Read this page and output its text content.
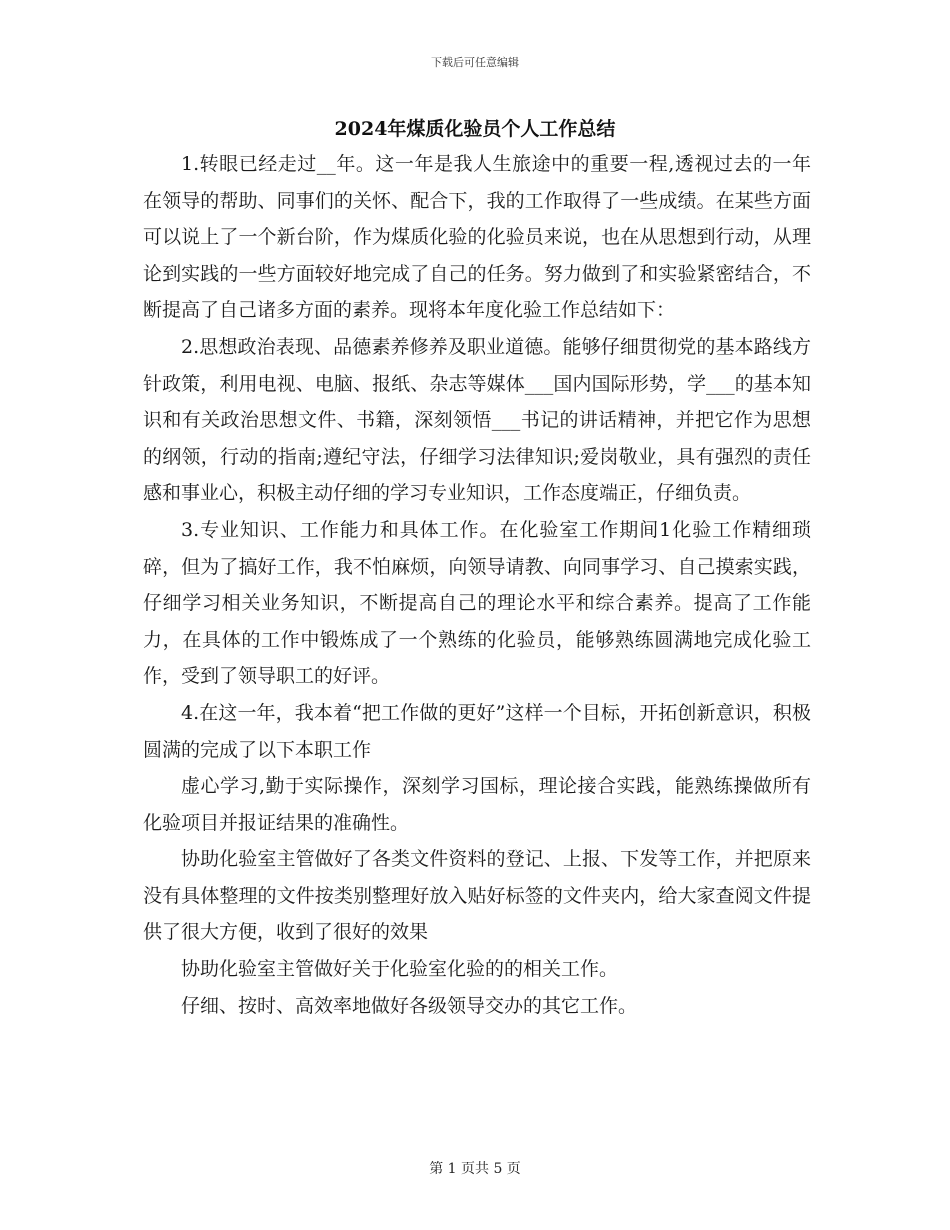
下载后可任意编辑
2024年煤质化验员个人工作总结

1.转眼已经走过__年。这一年是我人生旅途中的重要一程,透视过去的一年在领导的帮助、同事们的关怀、配合下，我的工作取得了一些成绩。在某些方面可以说上了一个新台阶，作为煤质化验的化验员来说，也在从思想到行动，从理论到实践的一些方面较好地完成了自己的任务。努力做到了和实验紧密结合，不断提高了自己诸多方面的素养。现将本年度化验工作总结如下：

2.思想政治表现、品德素养修养及职业道德。能够仔细贯彻党的基本路线方针政策，利用电视、电脑、报纸、杂志等媒体___国内国际形势，学___的基本知识和有关政治思想文件、书籍，深刻领悟___书记的讲话精神，并把它作为思想的纲领，行动的指南;遵纪守法，仔细学习法律知识;爱岗敬业，具有强烈的责任感和事业心，积极主动仔细的学习专业知识，工作态度端正，仔细负责。

3.专业知识、工作能力和具体工作。在化验室工作期间1化验工作精细琐碎，但为了搞好工作，我不怕麻烦，向领导请教、向同事学习、自己摸索实践，仔细学习相关业务知识，不断提高自己的理论水平和综合素养。提高了工作能力，在具体的工作中锻炼成了一个熟练的化验员，能够熟练圆满地完成化验工作，受到了领导职工的好评。

4.在这一年，我本着“把工作做的更好”这样一个目标，开拓创新意识，积极圆满的完成了以下本职工作

虚心学习,勤于实际操作，深刻学习国标，理论接合实践，能熟练操做所有化验项目并报证结果的准确性。

协助化验室主管做好了各类文件资料的登记、上报、下发等工作，并把原来没有具体整理的文件按类别整理好放入贴好标签的文件夹内，给大家查阅文件提供了很大方便，收到了很好的效果

协助化验室主管做好关于化验室化验的的相关工作。

仔细、按时、高效率地做好各级领导交办的其它工作。

第 1 页共 5 页
